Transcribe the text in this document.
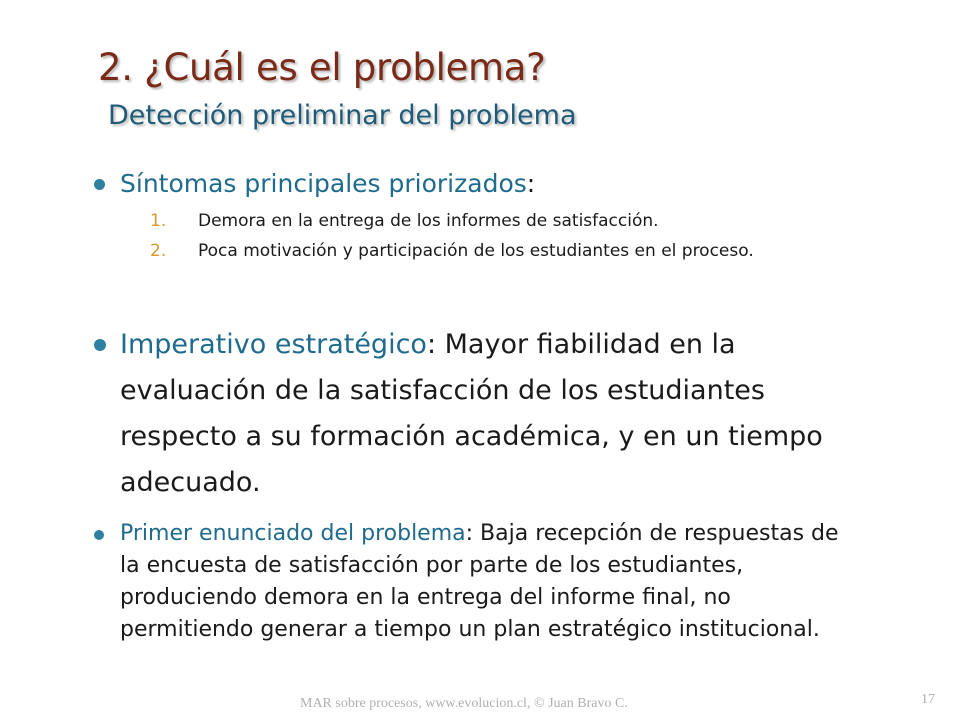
2. ¿Cuál es el problema?
Detección preliminar del problema
Síntomas principales priorizados:
1. Demora en la entrega de los informes de satisfacción.
2. Poca motivación y participación de los estudiantes en el proceso.
Imperativo estratégico: Mayor fiabilidad en la evaluación de la satisfacción de los estudiantes respecto a su formación académica, y en un tiempo adecuado.
Primer enunciado del problema: Baja recepción de respuestas de la encuesta de satisfacción por parte de los estudiantes, produciendo demora en la entrega del informe final, no permitiendo generar a tiempo un plan estratégico institucional.
MAR sobre procesos, www.evolucion.cl, © Juan Bravo C.	17
